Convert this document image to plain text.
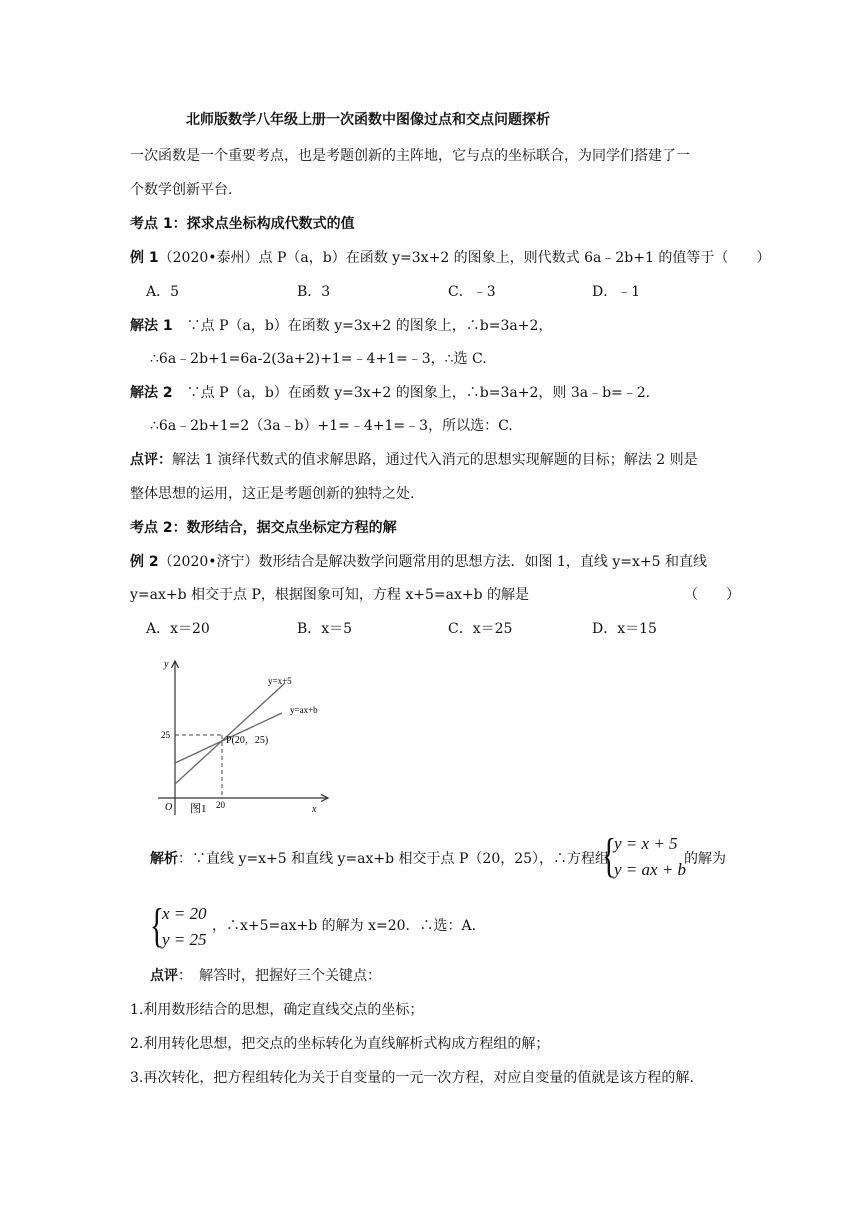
北师版数学八年级上册一次函数中图像过点和交点问题探析
一次函数是一个重要考点，也是考题创新的主阵地，它与点的坐标联合，为同学们搭建了一
个数学创新平台.
考点 1：探求点坐标构成代数式的值
例 1（2020•泰州）点 P（a，b）在函数 y=3x+2 的图象上，则代数式 6a﹣2b+1 的值等于（　　）
A．5	B．3	C．﹣3	D．﹣1
解法 1　 ∵点 P（a，b）在函数 y=3x+2 的图象上，∴b=3a+2，
∴6a﹣2b+1=6a-2(3a+2)+1=﹣4+1=﹣3，∴选 C.
解法 2　 ∵点 P（a，b）在函数 y=3x+2 的图象上，∴b=3a+2，则 3a﹣b=﹣2.
∴6a﹣2b+1=2（3a﹣b）+1=﹣4+1=﹣3，所以选：C.
点评：解法 1 演绎代数式的值求解思路，通过代入消元的思想实现解题的目标；解法 2 则是
整体思想的运用，这正是考题创新的独特之处.
考点 2：数形结合，据交点坐标定方程的解
例 2（2020•济宁）数形结合是解决数学问题常用的思想方法．如图 1，直线 y=x+5 和直线
y=ax+b 相交于点 P，根据图象可知，方程 x+5=ax+b 的解是	（　　）
A．x＝20	B．x＝5	C．x＝25	D．x＝15
y
x
O
y=x+5
y=ax+b
P(20，25)
25
20
图1
解析：∵直线 y=x+5 和直线 y=ax+b 相交于点 P（20，25），∴方程组
{
y = x + 5
y = ax + b
的解为
{
x = 20
y = 25
，∴x+5=ax+b 的解为 x=20．∴选：A.
点评：　解答时，把握好三个关键点：
1.利用数形结合的思想，确定直线交点的坐标；
2.利用转化思想，把交点的坐标转化为直线解析式构成方程组的解；
3.再次转化，把方程组转化为关于自变量的一元一次方程，对应自变量的值就是该方程的解.
